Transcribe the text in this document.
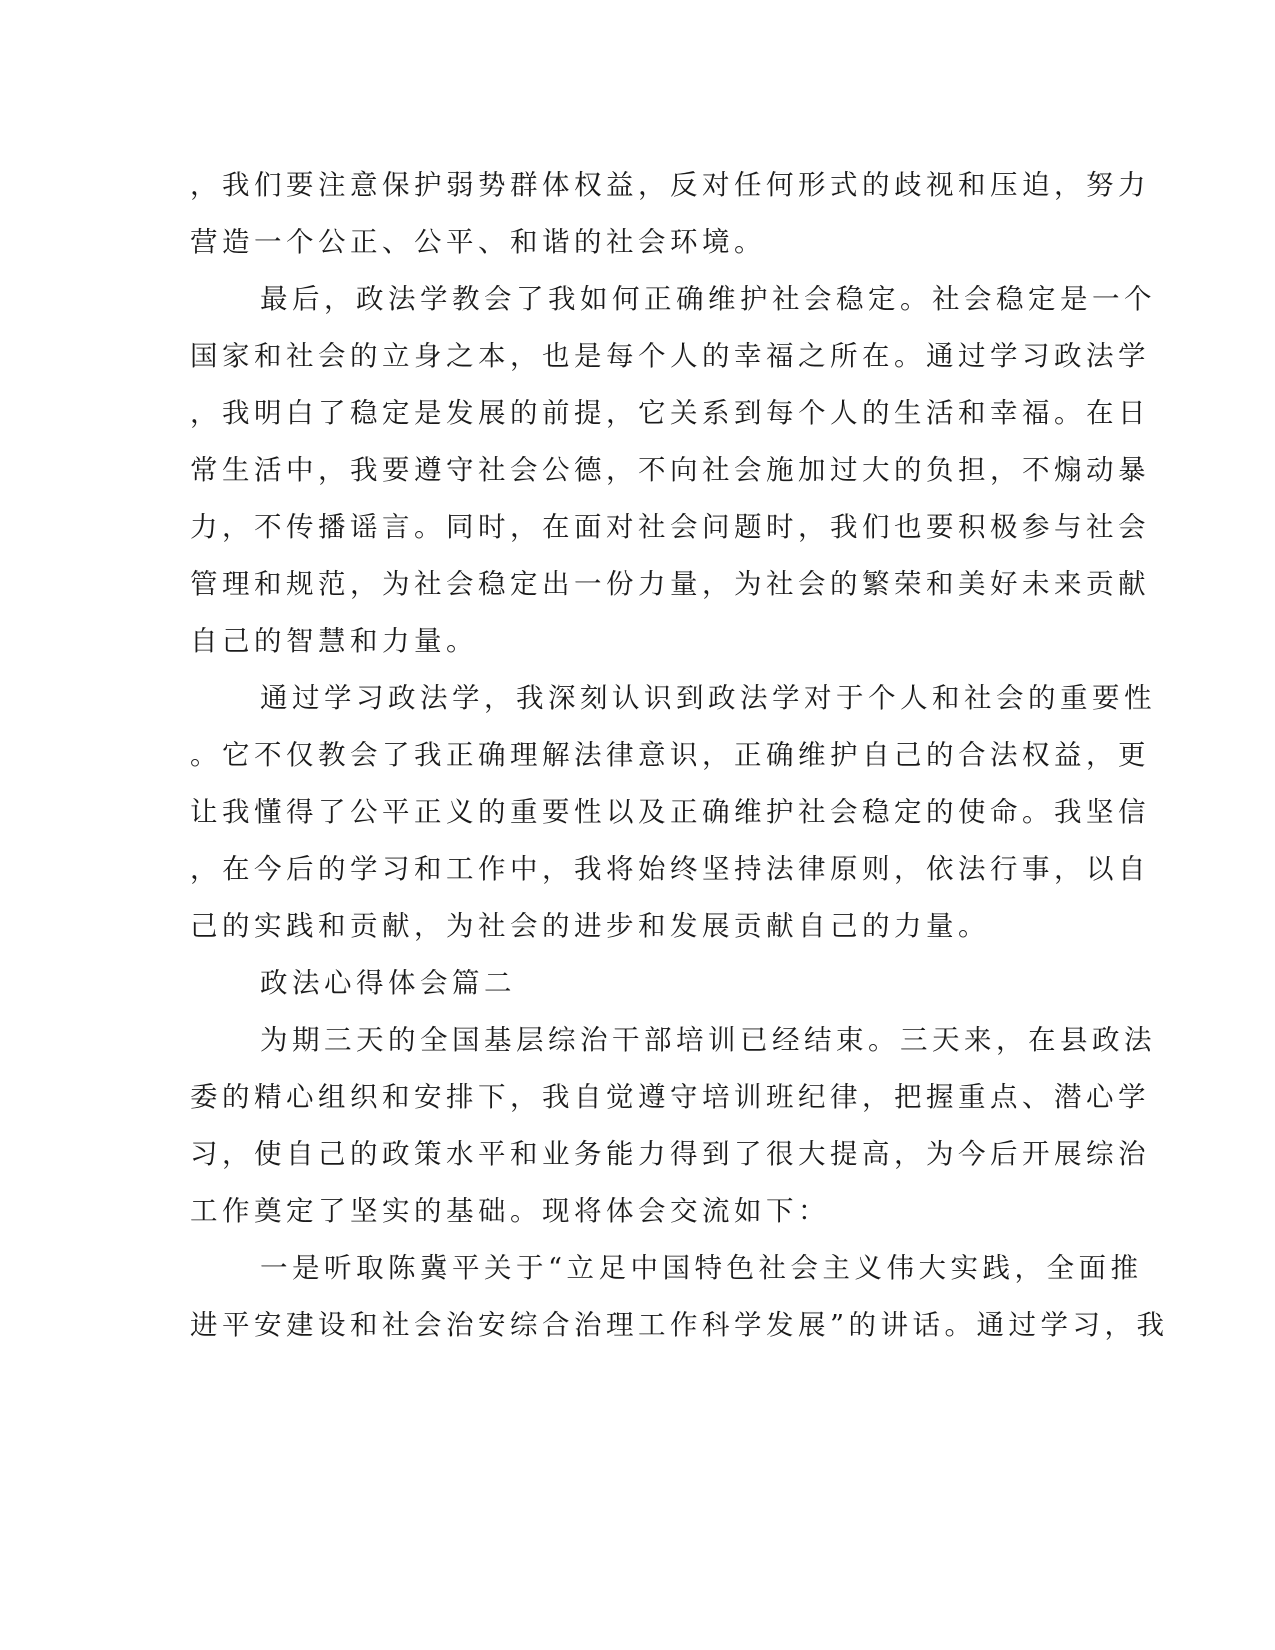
，我们要注意保护弱势群体权益，反对任何形式的歧视和压迫，努力
营造一个公正、公平、和谐的社会环境。
最后，政法学教会了我如何正确维护社会稳定。社会稳定是一个
国家和社会的立身之本，也是每个人的幸福之所在。通过学习政法学
，我明白了稳定是发展的前提，它关系到每个人的生活和幸福。在日
常生活中，我要遵守社会公德，不向社会施加过大的负担，不煽动暴
力，不传播谣言。同时，在面对社会问题时，我们也要积极参与社会
管理和规范，为社会稳定出一份力量，为社会的繁荣和美好未来贡献
自己的智慧和力量。
通过学习政法学，我深刻认识到政法学对于个人和社会的重要性
。它不仅教会了我正确理解法律意识，正确维护自己的合法权益，更
让我懂得了公平正义的重要性以及正确维护社会稳定的使命。我坚信
，在今后的学习和工作中，我将始终坚持法律原则，依法行事，以自
己的实践和贡献，为社会的进步和发展贡献自己的力量。
政法心得体会篇二
为期三天的全国基层综治干部培训已经结束。三天来，在县政法
委的精心组织和安排下，我自觉遵守培训班纪律，把握重点、潜心学
习，使自己的政策水平和业务能力得到了很大提高，为今后开展综治
工作奠定了坚实的基础。现将体会交流如下：
一是听取陈冀平关于“立足中国特色社会主义伟大实践，全面推
进平安建设和社会治安综合治理工作科学发展”的讲话。通过学习，我
